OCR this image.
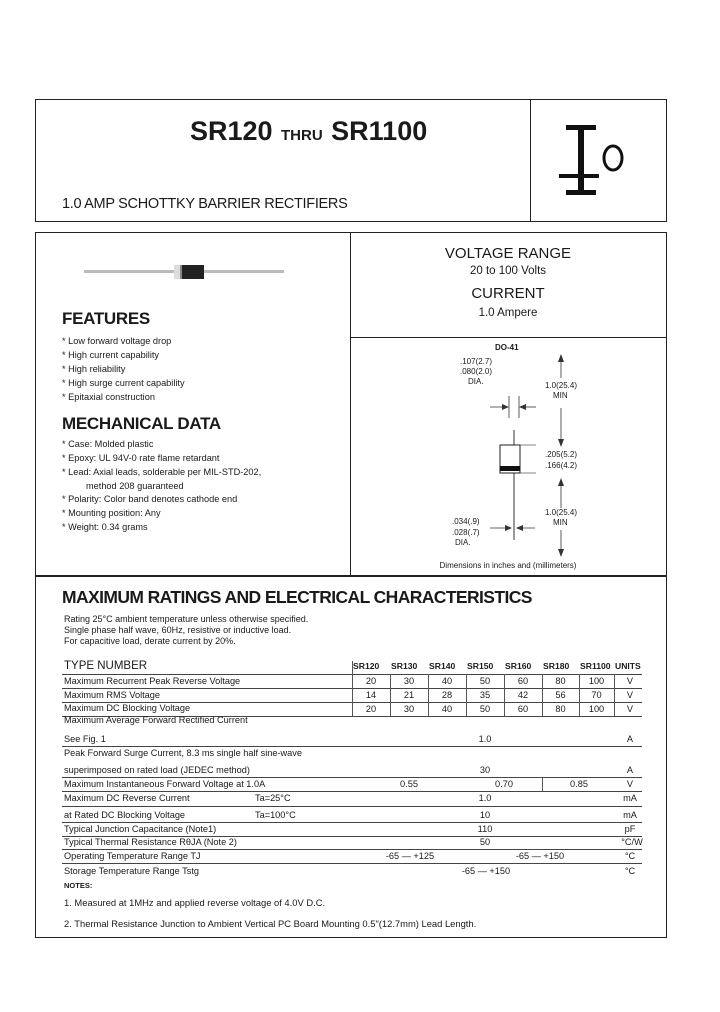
SR120 THRU SR1100
1.0 AMP SCHOTTKY BARRIER RECTIFIERS
FEATURES
* Low forward voltage drop
* High current capability
* High reliability
* High surge current capability
* Epitaxial construction
MECHANICAL DATA
* Case: Molded plastic
* Epoxy: UL 94V-0 rate flame retardant
* Lead: Axial leads, solderable per MIL-STD-202,
method 208 guaranteed
* Polarity: Color band denotes cathode end
* Mounting position: Any
* Weight: 0.34 grams
VOLTAGE RANGE
20 to 100 Volts
CURRENT
1.0 Ampere
DO-41
.107(2.7)
.080(2.0)
DIA.	1.0(25.4)
MIN
.205(5.2)
.166(4.2)
1.0(25.4)
MIN
.034(.9)
.028(.7)
DIA.
Dimensions in inches and (millimeters)
MAXIMUM RATINGS AND ELECTRICAL CHARACTERISTICS
Rating 25°C ambient temperature unless otherwise specified.
Single phase half wave, 60Hz, resistive or inductive load.
For capacitive load, derate current by 20%.
TYPE NUMBER	SR120 SR130 SR140 SR150 SR160 SR180 SR1100 UNITS
Maximum Recurrent Peak Reverse Voltage	20	30	40	50	60	80	100	V
Maximum RMS Voltage	14	21	28	35	42	56	70	V
Maximum DC Blocking Voltage	20	30	40	50	60	80	100	V
Maximum Average Forward Rectified Current
See Fig. 1	1.0	A
Peak Forward Surge Current, 8.3 ms single half sine-wave
superimposed on rated load (JEDEC method)	30	A
Maximum Instantaneous Forward Voltage at 1.0A	0.55	0.70	0.85	V
Maximum DC Reverse Current	Ta=25°C	1.0	mA
at Rated DC Blocking Voltage	Ta=100°C	10	mA
Typical Junction Capacitance (Note1)	110	pF
Typical Thermal Resistance RθJA (Note 2)	50	°C/W
Operating Temperature Range TJ	-65 — +125	-65 — +150	°C
Storage Temperature Range Tstg	-65 — +150	°C
NOTES:
1. Measured at 1MHz and applied reverse voltage of 4.0V D.C.
2. Thermal Resistance Junction to Ambient Vertical PC Board Mounting 0.5"(12.7mm) Lead Length.
